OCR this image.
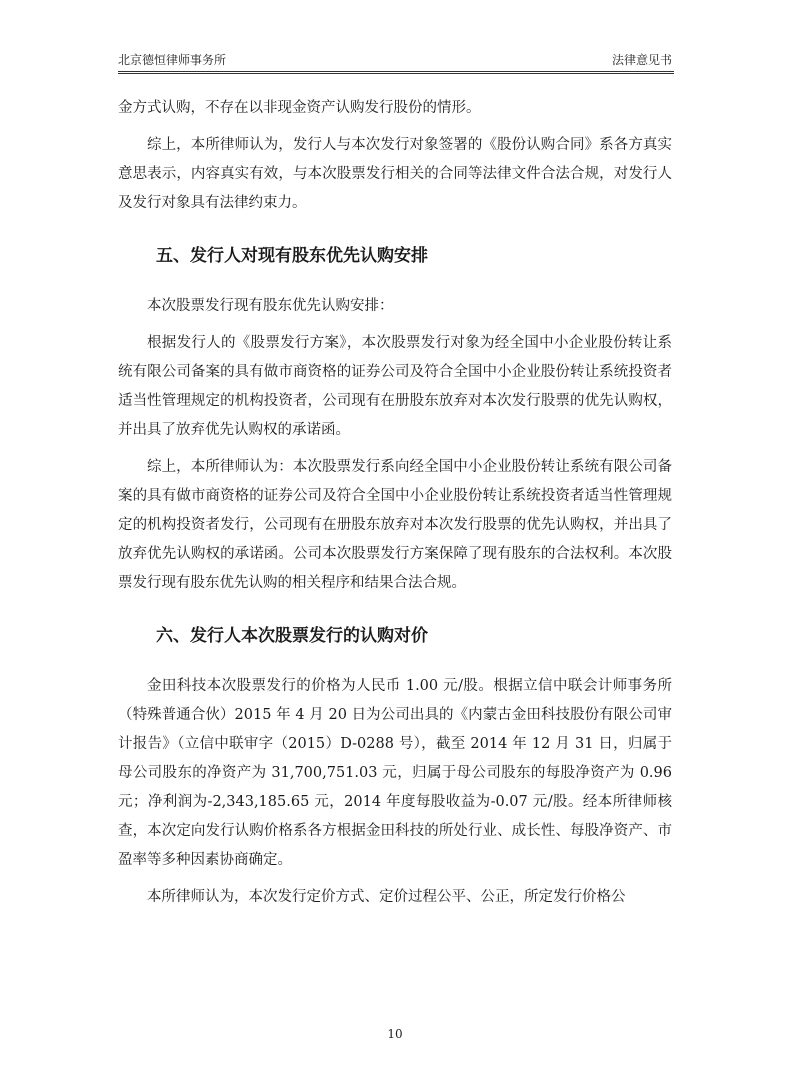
北京德恒律师事务所	法律意见书

金方式认购，不存在以非现金资产认购发行股份的情形。

综上，本所律师认为，发行人与本次发行对象签署的《股份认购合同》系各方真实意思表示，内容真实有效，与本次股票发行相关的合同等法律文件合法合规，对发行人及发行对象具有法律约束力。

五、发行人对现有股东优先认购安排

本次股票发行现有股东优先认购安排：

根据发行人的《股票发行方案》，本次股票发行对象为经全国中小企业股份转让系统有限公司备案的具有做市商资格的证券公司及符合全国中小企业股份转让系统投资者适当性管理规定的机构投资者，公司现有在册股东放弃对本次发行股票的优先认购权，并出具了放弃优先认购权的承诺函。

综上，本所律师认为：本次股票发行系向经全国中小企业股份转让系统有限公司备案的具有做市商资格的证券公司及符合全国中小企业股份转让系统投资者适当性管理规定的机构投资者发行，公司现有在册股东放弃对本次发行股票的优先认购权，并出具了放弃优先认购权的承诺函。公司本次股票发行方案保障了现有股东的合法权利。本次股票发行现有股东优先认购的相关程序和结果合法合规。

六、发行人本次股票发行的认购对价

金田科技本次股票发行的价格为人民币 1.00 元/股。根据立信中联会计师事务所（特殊普通合伙）2015 年 4 月 20 日为公司出具的《内蒙古金田科技股份有限公司审计报告》（立信中联审字（2015）D-0288 号），截至 2014 年 12 月 31 日，归属于母公司股东的净资产为 31,700,751.03 元，归属于母公司股东的每股净资产为 0.96 元；净利润为-2,343,185.65 元，2014 年度每股收益为-0.07 元/股。经本所律师核查，本次定向发行认购价格系各方根据金田科技的所处行业、成长性、每股净资产、市盈率等多种因素协商确定。

本所律师认为，本次发行定价方式、定价过程公平、公正，所定发行价格公

10
